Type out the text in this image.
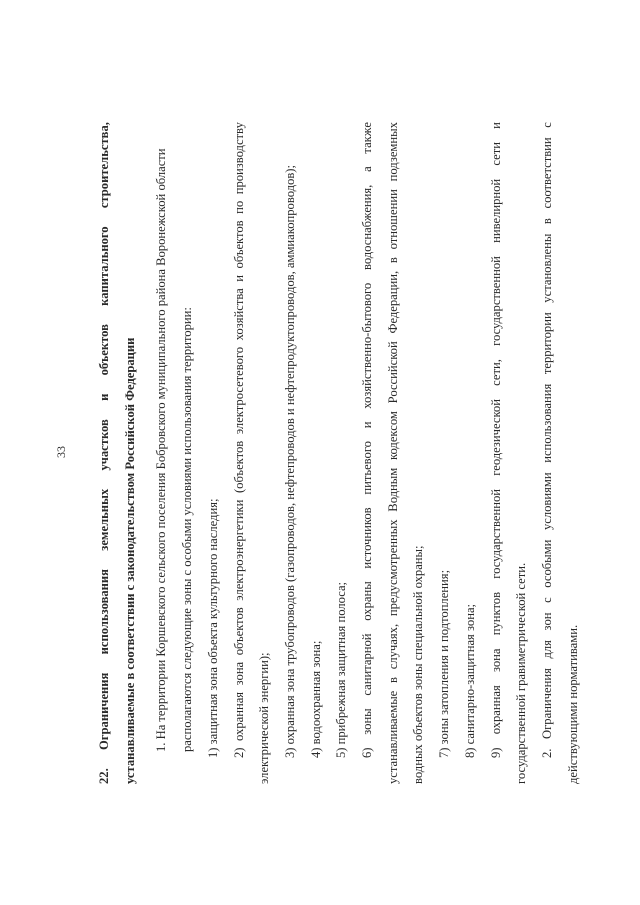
33
22.
Ограничения
использования
земельных
участков
и
объектов
капитального
строительства,
устанавливаемые в соответствии с законодательством Российской Федерации	1. На территории Коршевского сельского поселения Бобровского муниципального района Воронежской области располагаются следующие зоны с особыми условиями использования территории: 1) защитная зона объекта культурного наследия; 2)
охранная
зона
объектов
электроэнергетики
(объектов
электросетевого
хозяйства
и
объектов
по
производству
электрической энергии); 3) охранная зона трубопроводов (газопроводов, нефтепроводов и нефтепродуктопроводов, аммиакопроводов); 4) водоохранная зона; 5) прибрежная защитная полоса; 6)
зоны
санитарной
охраны
источников
питьевого
и
хозяйственно-бытового
водоснабжения,
а
также
устанавливаемые
в
случаях,
предусмотренных
Водным
кодексом
Российской
Федерации,
в
отношении
подземных
водных объектов зоны специальной охраны; 7) зоны затопления и подтопления; 8) санитарно-защитная зона; 9)
охранная
зона
пунктов
государственной
геодезической
сети,
государственной
нивелирной
сети
и
государственной гравиметрической сети. 2.
Ограничения
для
зон
с
особыми
условиями
использования
территории
установлены
в
соответствии
с
действующими нормативами.
